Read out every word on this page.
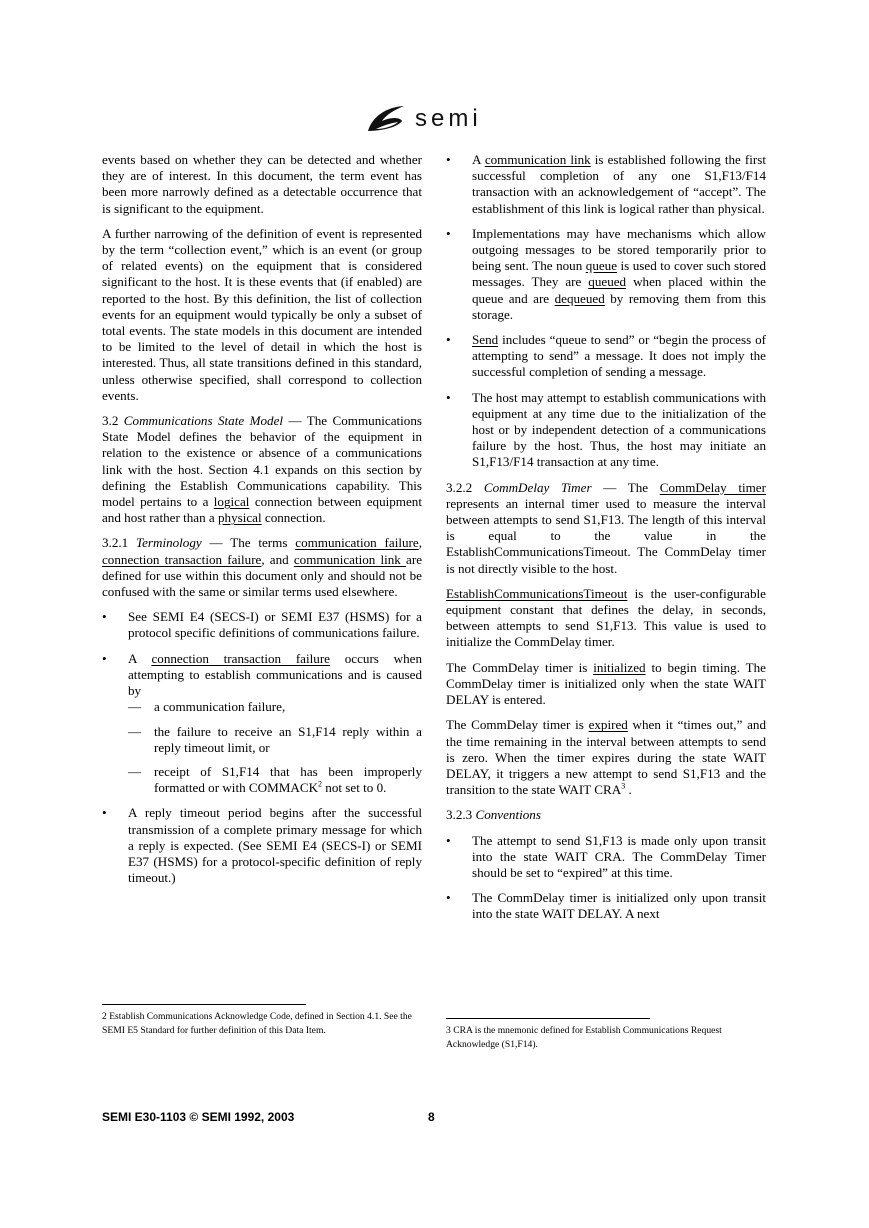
semi

events based on whether they can be detected and whether they are of interest. In this document, the term event has been more narrowly defined as a detectable occurrence that is significant to the equipment.

A further narrowing of the definition of event is represented by the term “collection event,” which is an event (or group of related events) on the equipment that is considered significant to the host. It is these events that (if enabled) are reported to the host. By this definition, the list of collection events for an equipment would typically be only a subset of total events. The state models in this document are intended to be limited to the level of detail in which the host is interested. Thus, all state transitions defined in this standard, unless otherwise specified, shall correspond to collection events.

3.2 Communications State Model — The Communications State Model defines the behavior of the equipment in relation to the existence or absence of a communications link with the host. Section 4.1 expands on this section by defining the Establish Communications capability. This model pertains to a logical connection between equipment and host rather than a physical connection.

3.2.1 Terminology — The terms communication failure, connection transaction failure, and communication link are defined for use within this document only and should not be confused with the same or similar terms used elsewhere.

• See SEMI E4 (SECS-I) or SEMI E37 (HSMS) for a protocol specific definitions of communications failure.
• A connection transaction failure occurs when attempting to establish communications and is caused by
— a communication failure,
— the failure to receive an S1,F14 reply within a reply timeout limit, or
— receipt of S1,F14 that has been improperly formatted or with COMMACK$^2$ not set to 0.
• A reply timeout period begins after the successful transmission of a complete primary message for which a reply is expected. (See SEMI E4 (SECS-I) or SEMI E37 (HSMS) for a protocol-specific definition of reply timeout.)
• A communication link is established following the first successful completion of any one S1,F13/F14 transaction with an acknowledgement of “accept”. The establishment of this link is logical rather than physical.
• Implementations may have mechanisms which allow outgoing messages to be stored temporarily prior to being sent. The noun queue is used to cover such stored messages. They are queued when placed within the queue and are dequeued by removing them from this storage.
• Send includes “queue to send” or “begin the process of attempting to send” a message. It does not imply the successful completion of sending a message.
• The host may attempt to establish communications with equipment at any time due to the initialization of the host or by independent detection of a communications failure by the host. Thus, the host may initiate an S1,F13/F14 transaction at any time.

3.2.2 CommDelay Timer — The CommDelay timer represents an internal timer used to measure the interval between attempts to send S1,F13. The length of this interval is equal to the value in the EstablishCommunicationsTimeout. The CommDelay timer is not directly visible to the host.

EstablishCommunicationsTimeout is the user-configurable equipment constant that defines the delay, in seconds, between attempts to send S1,F13. This value is used to initialize the CommDelay timer.

The CommDelay timer is initialized to begin timing. The CommDelay timer is initialized only when the state WAIT DELAY is entered.

The CommDelay timer is expired when it “times out,” and the time remaining in the interval between attempts to send is zero. When the timer expires during the state WAIT DELAY, it triggers a new attempt to send S1,F13 and the transition to the state WAIT CRA$^3$ .

3.2.3 Conventions

• The attempt to send S1,F13 is made only upon transit into the state WAIT CRA. The CommDelay Timer should be set to “expired” at this time.
• The CommDelay timer is initialized only upon transit into the state WAIT DELAY. A next
2 Establish Communications Acknowledge Code, defined in Section 4.1. See the SEMI E5 Standard for further definition of this Data Item.	3 CRA is the mnemonic defined for Establish Communications Request Acknowledge (S1,F14).
SEMI E30-1103 © SEMI 1992, 2003	8
